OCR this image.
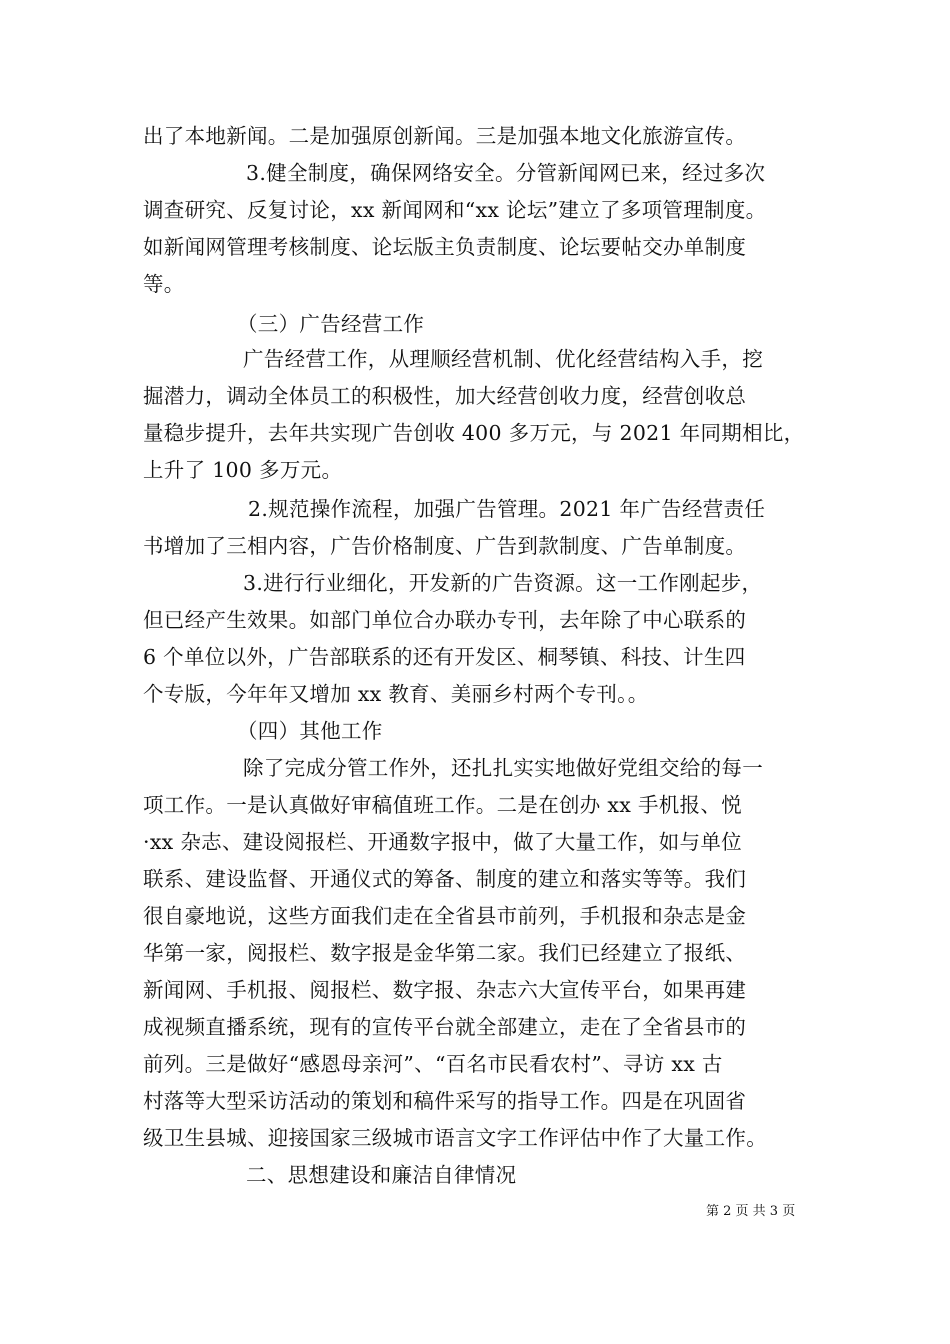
出了本地新闻。二是加强原创新闻。三是加强本地文化旅游宣传。
3.健全制度，确保网络安全。分管新闻网已来，经过多次
调查研究、反复讨论，xx 新闻网和“xx 论坛”建立了多项管理制度。
如新闻网管理考核制度、论坛版主负责制度、论坛要帖交办单制度
等。
（三）广告经营工作
广告经营工作，从理顺经营机制、优化经营结构入手，挖
掘潜力，调动全体员工的积极性，加大经营创收力度，经营创收总
量稳步提升，去年共实现广告创收 400 多万元，与 2021 年同期相比，
上升了 100 多万元。
2.规范操作流程，加强广告管理。2021 年广告经营责任
书增加了三相内容，广告价格制度、广告到款制度、广告单制度。
3.进行行业细化，开发新的广告资源。这一工作刚起步，
但已经产生效果。如部门单位合办联办专刊，去年除了中心联系的
6 个单位以外，广告部联系的还有开发区、桐琴镇、科技、计生四
个专版，今年年又增加 xx 教育、美丽乡村两个专刊。。
（四）其他工作
除了完成分管工作外，还扎扎实实地做好党组交给的每一
项工作。一是认真做好审稿值班工作。二是在创办 xx 手机报、悦
·xx 杂志、建设阅报栏、开通数字报中，做了大量工作，如与单位
联系、建设监督、开通仪式的筹备、制度的建立和落实等等。我们
很自豪地说，这些方面我们走在全省县市前列，手机报和杂志是金
华第一家，阅报栏、数字报是金华第二家。我们已经建立了报纸、
新闻网、手机报、阅报栏、数字报、杂志六大宣传平台，如果再建
成视频直播系统，现有的宣传平台就全部建立，走在了全省县市的
前列。三是做好“感恩母亲河”、“百名市民看农村”、寻访 xx 古
村落等大型采访活动的策划和稿件采写的指导工作。四是在巩固省
级卫生县城、迎接国家三级城市语言文字工作评估中作了大量工作。
二、思想建设和廉洁自律情况
第 2 页 共 3 页
